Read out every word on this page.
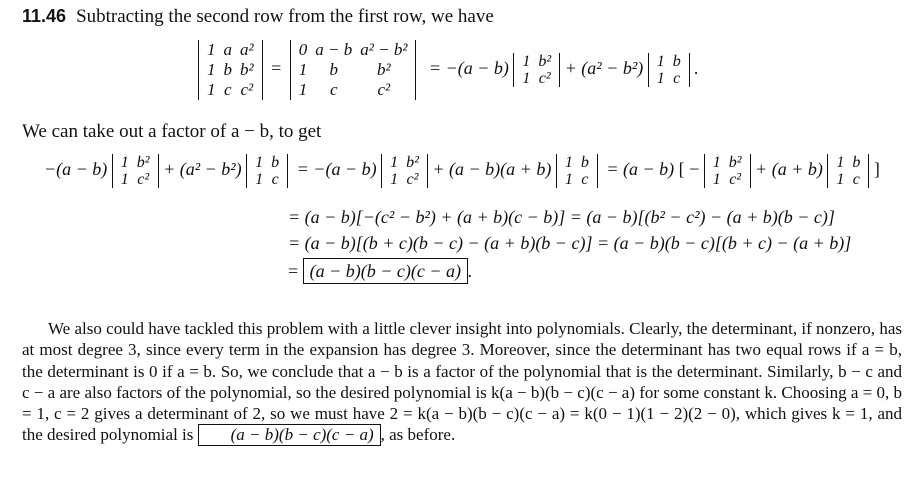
11.46 Subtracting the second row from the first row, we have
1	a	a²
1	b	b²
1	c	c²
=
0	a − b	a² − b²
1	b	b²
1	c	c²
= −(a − b) 1	b²
1	c²
+ (a² − b²) 1	b
1	c
.
We can take out a factor of a − b, to get
−(a − b) 1	b²
1	c²
+ (a² − b²) 1	b
1	c
= −(a − b) 1	b²
1	c²
+ (a − b)(a + b) 1	b
1	c
= (a − b) [ − 1	b²
1	c²
+ (a + b) 1	b
1	c
]
= (a − b)[−(c² − b²) + (a + b)(c − b)] = (a − b)[(b² − c²) − (a + b)(b − c)]
= (a − b)[(b + c)(b − c) − (a + b)(b − c)] = (a − b)(b − c)[(b + c) − (a + b)]
= (a − b)(b − c)(c − a) .
We also could have tackled this problem with a little clever insight into polynomials. Clearly, the determinant, if nonzero, has at most degree 3, since every term in the expansion has degree 3. Moreover, since the determinant has two equal rows if a = b, the determinant is 0 if a = b. So, we conclude that a − b is a factor of the polynomial that is the determinant. Similarly, b − c and c − a are also factors of the polynomial, so the desired polynomial is k(a − b)(b − c)(c − a) for some constant k. Choosing a = 0, b = 1, c = 2 gives a determinant of 2, so we must have 2 = k(a − b)(b − c)(c − a) = k(0 − 1)(1 − 2)(2 − 0), which gives k = 1, and the desired polynomial is (a − b)(b − c)(c − a) , as before.
